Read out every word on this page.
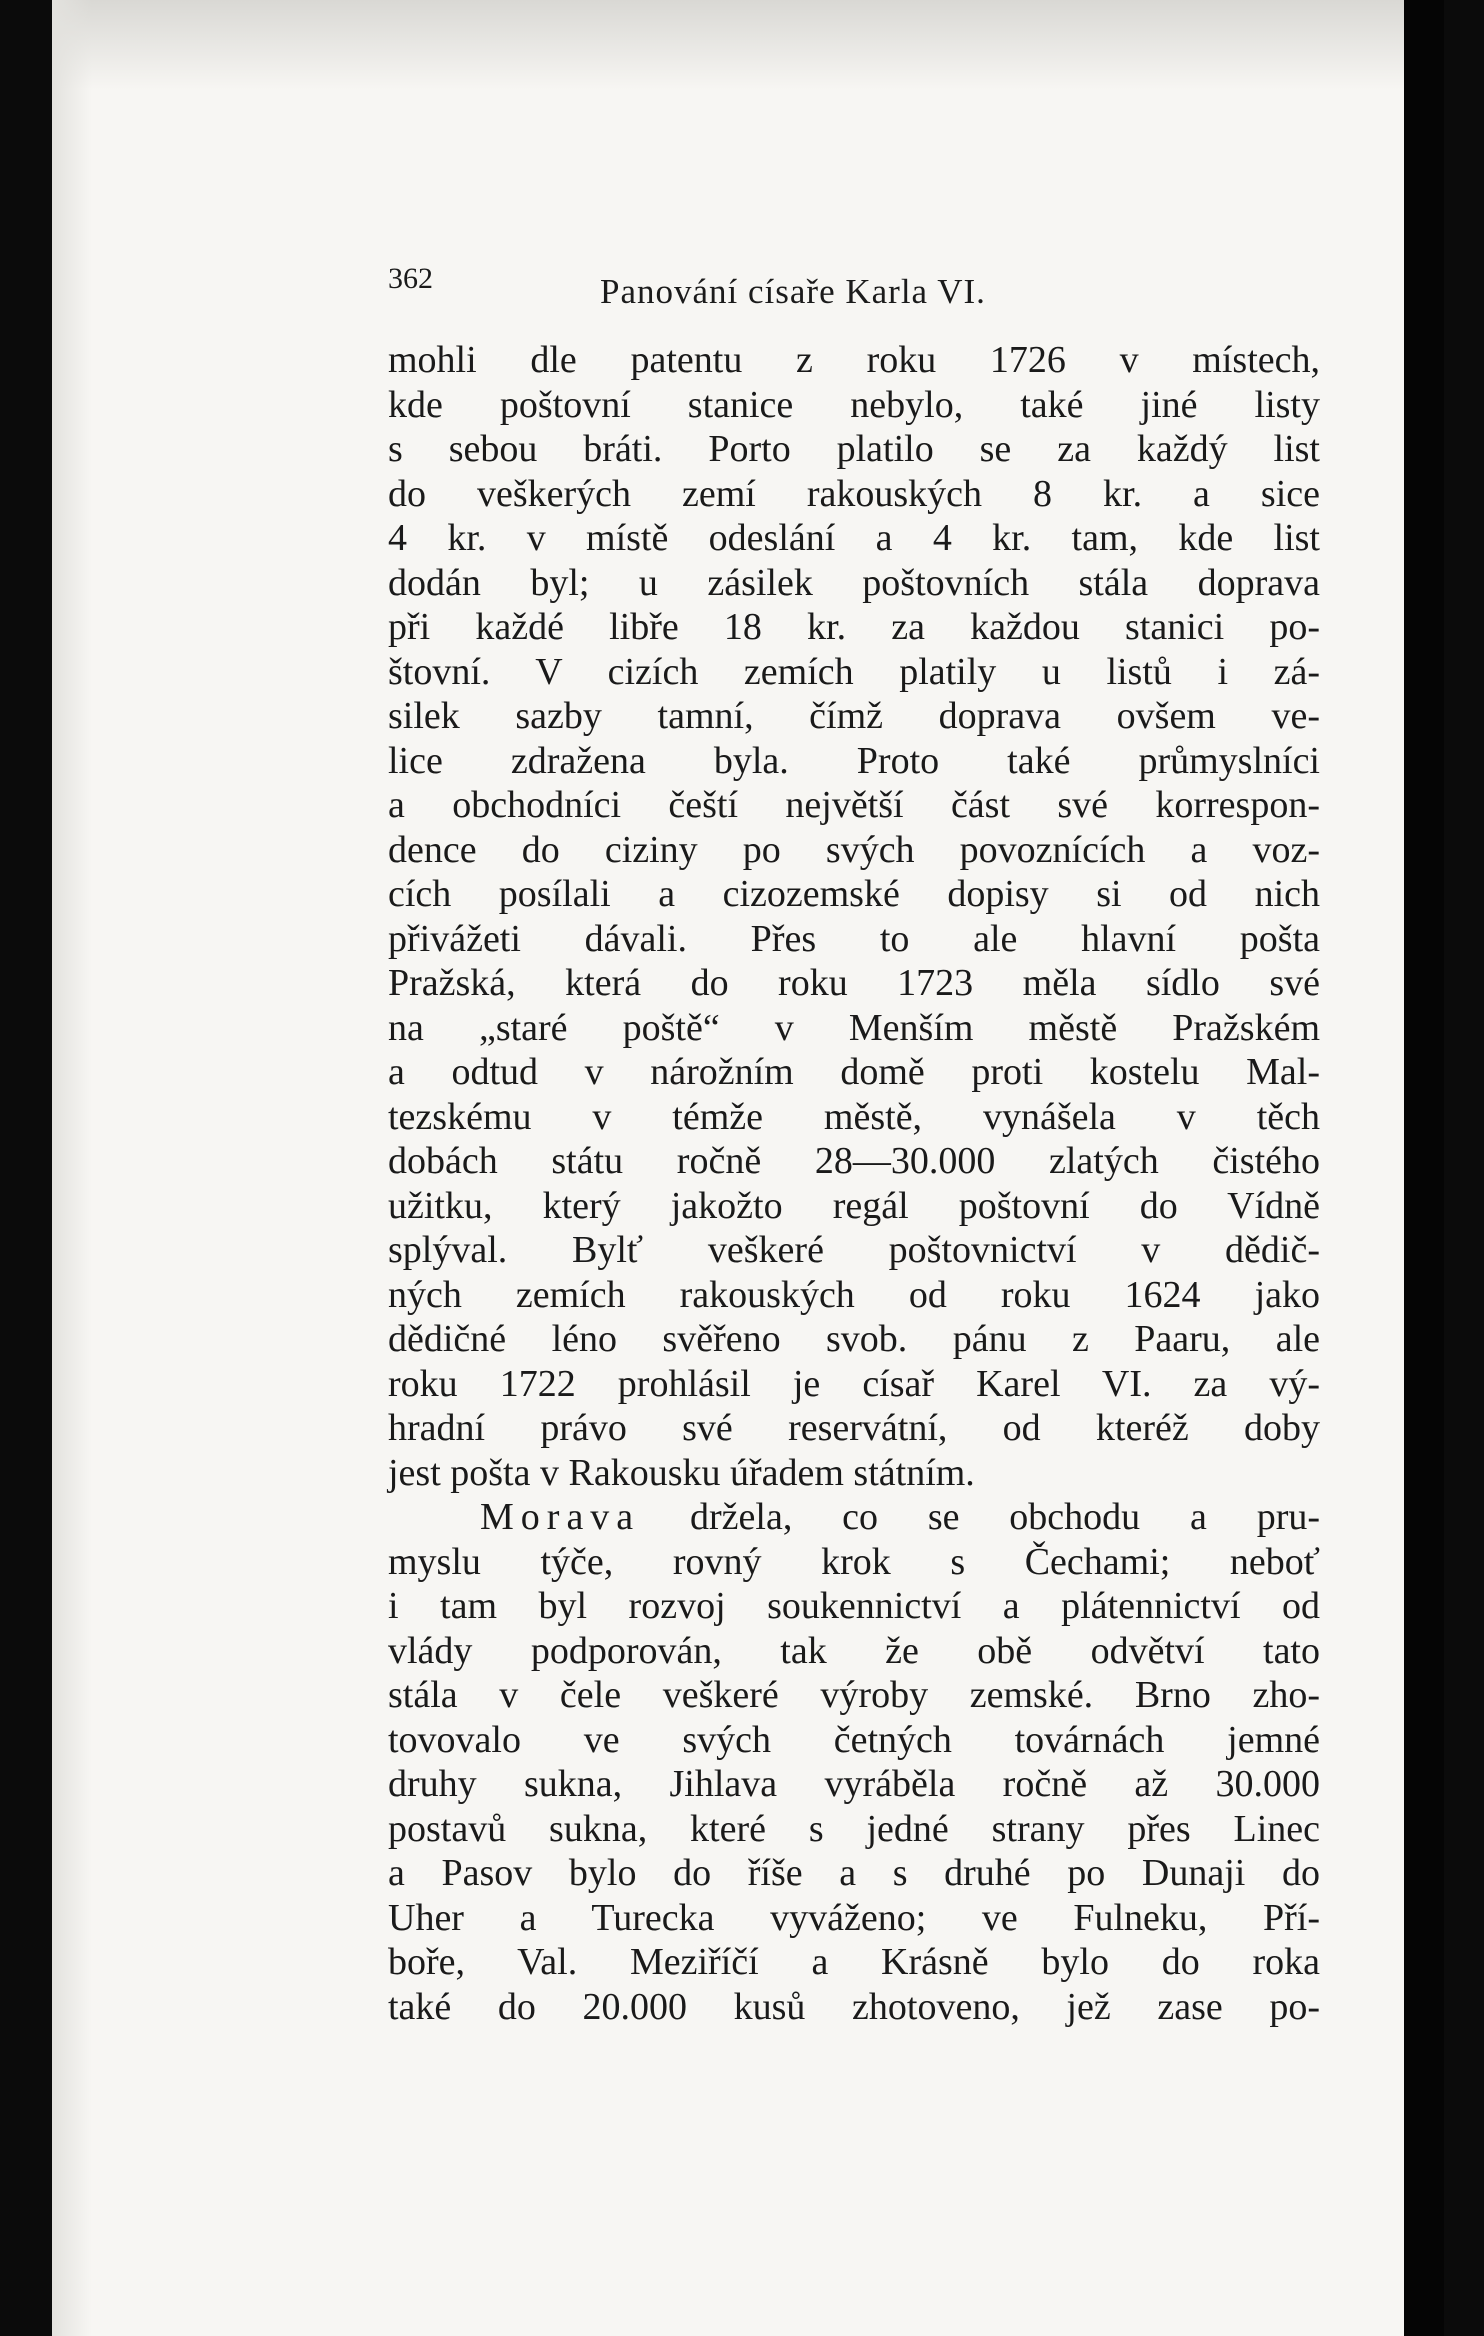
362	Panování císaře Karla VI.
mohli dle patentu z roku 1726 v místech,
kde poštovní stanice nebylo, také jiné listy
s sebou bráti. Porto platilo se za každý list
do veškerých zemí rakouských 8 kr. a sice
4 kr. v místě odeslání a 4 kr. tam, kde list
dodán byl; u zásilek poštovních stála doprava
při každé libře 18 kr. za každou stanici po-
štovní. V cizích zemích platily u listů i zá-
silek sazby tamní, čímž doprava ovšem ve-
lice zdražena byla. Proto také průmyslníci
a obchodníci čeští největší část své korrespon-
dence do ciziny po svých povoznících a voz-
cích posílali a cizozemské dopisy si od nich
přivážeti dávali. Přes to ale hlavní pošta
Pražská, která do roku 1723 měla sídlo své
na „staré poště“ v Menším městě Pražském
a odtud v nárožním domě proti kostelu Mal-
tezskému v témže městě, vynášela v těch
dobách státu ročně 28—30.000 zlatých čistého
užitku, který jakožto regál poštovní do Vídně
splýval. Bylť veškeré poštovnictví v dědič-
ných zemích rakouských od roku 1624 jako
dědičné léno svěřeno svob. pánu z Paaru, ale
roku 1722 prohlásil je císař Karel VI. za vý-
hradní právo své reservátní, od kteréž doby
jest pošta v Rakousku úřadem státním.
Morava držela, co se obchodu a pru-
myslu týče, rovný krok s Čechami; neboť
i tam byl rozvoj soukennictví a plátennictví od
vlády podporován, tak že obě odvětví tato
stála v čele veškeré výroby zemské. Brno zho-
tovovalo ve svých četných továrnách jemné
druhy sukna, Jihlava vyráběla ročně až 30.000
postavů sukna, které s jedné strany přes Linec
a Pasov bylo do říše a s druhé po Dunaji do
Uher a Turecka vyváženo; ve Fulneku, Pří-
boře, Val. Meziříčí a Krásně bylo do roka
také do 20.000 kusů zhotoveno, jež zase po-
